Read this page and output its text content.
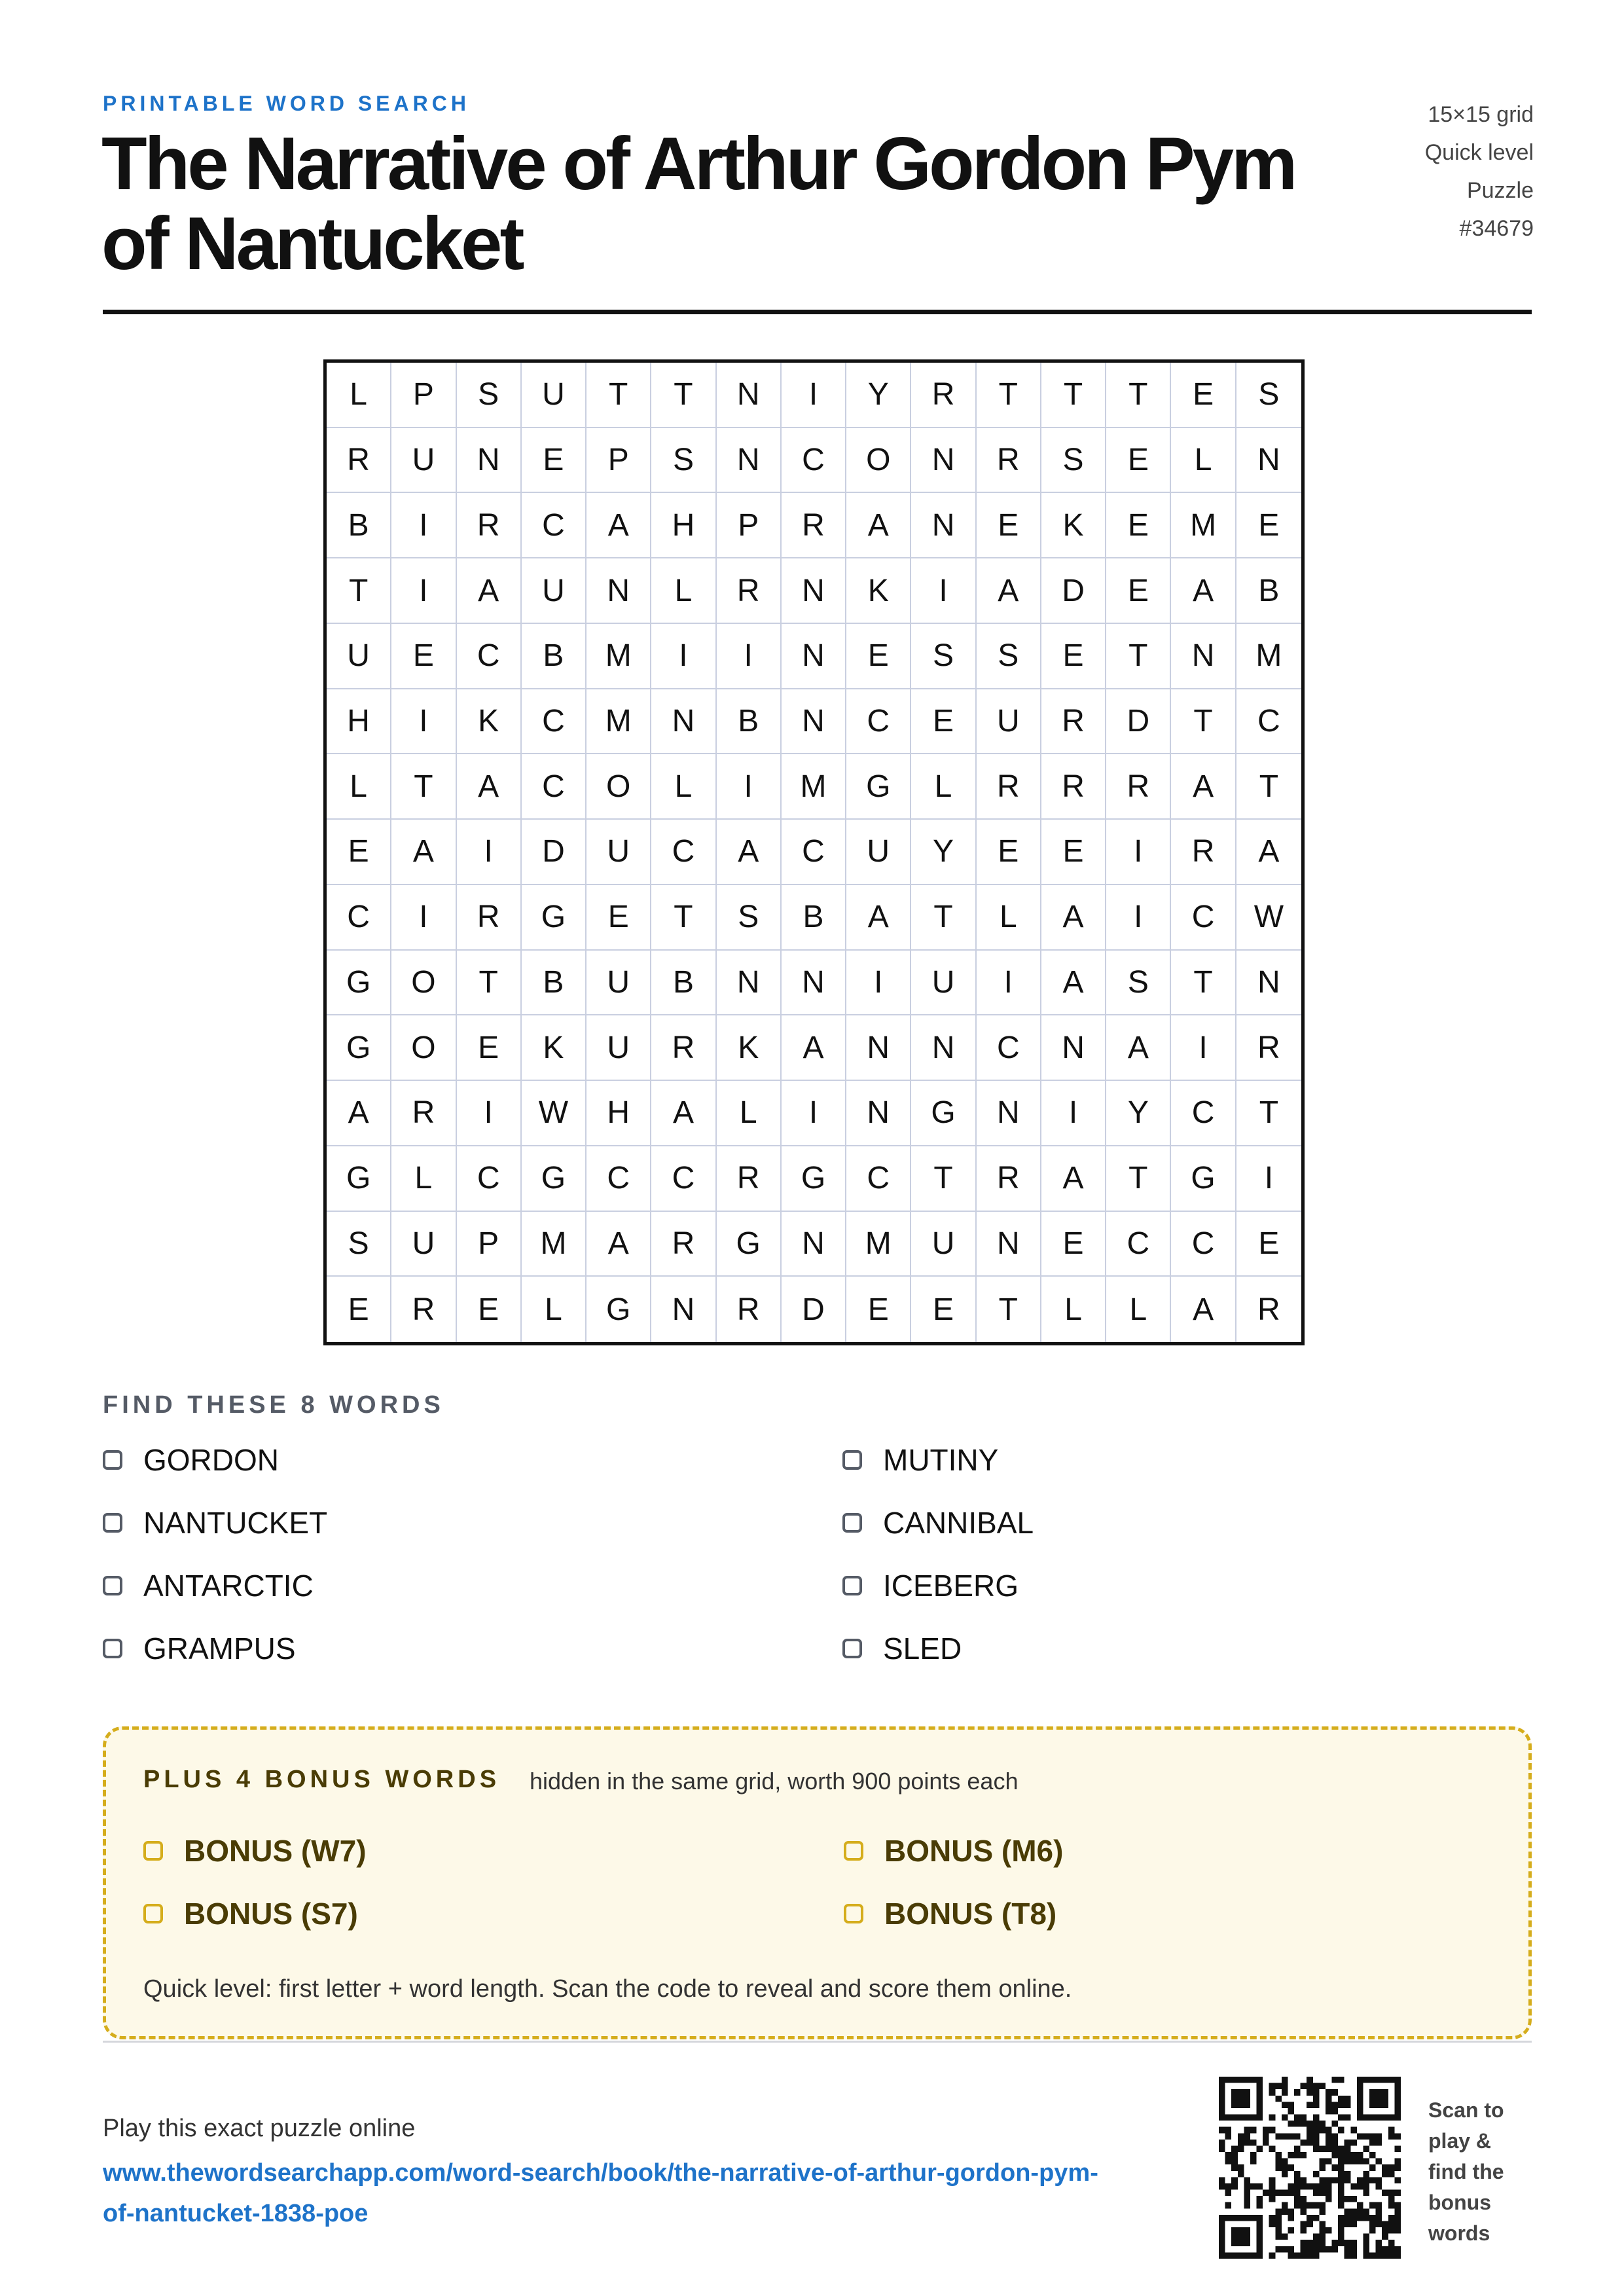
PRINTABLE WORD SEARCH
The Narrative of Arthur Gordon Pym of Nantucket
15×15 grid
Quick level
Puzzle
#34679
L	P	S	U	T	T	N	I	Y	R	T	T	T	E	S
R	U	N	E	P	S	N	C	O	N	R	S	E	L	N
B	I	R	C	A	H	P	R	A	N	E	K	E	M	E
T	I	A	U	N	L	R	N	K	I	A	D	E	A	B
U	E	C	B	M	I	I	N	E	S	S	E	T	N	M
H	I	K	C	M	N	B	N	C	E	U	R	D	T	C
L	T	A	C	O	L	I	M	G	L	R	R	R	A	T
E	A	I	D	U	C	A	C	U	Y	E	E	I	R	A
C	I	R	G	E	T	S	B	A	T	L	A	I	C	W
G	O	T	B	U	B	N	N	I	U	I	A	S	T	N
G	O	E	K	U	R	K	A	N	N	C	N	A	I	R
A	R	I	W	H	A	L	I	N	G	N	I	Y	C	T
G	L	C	G	C	C	R	G	C	T	R	A	T	G	I
S	U	P	M	A	R	G	N	M	U	N	E	C	C	E
E	R	E	L	G	N	R	D	E	E	T	L	L	A	R
FIND THESE 8 WORDS
GORDON	MUTINY
NANTUCKET	CANNIBAL
ANTARCTIC	ICEBERG
GRAMPUS	SLED
PLUS 4 BONUS WORDS hidden in the same grid, worth 900 points each
BONUS (W7)	BONUS (M6)
BONUS (S7)	BONUS (T8)
Quick level: first letter + word length. Scan the code to reveal and score them online.
Play this exact puzzle online
www.thewordsearchapp.com/word-search/book/the-narrative-of-arthur-gordon-pym-of-nantucket-1838-poe
Scan to play & find the bonus words
